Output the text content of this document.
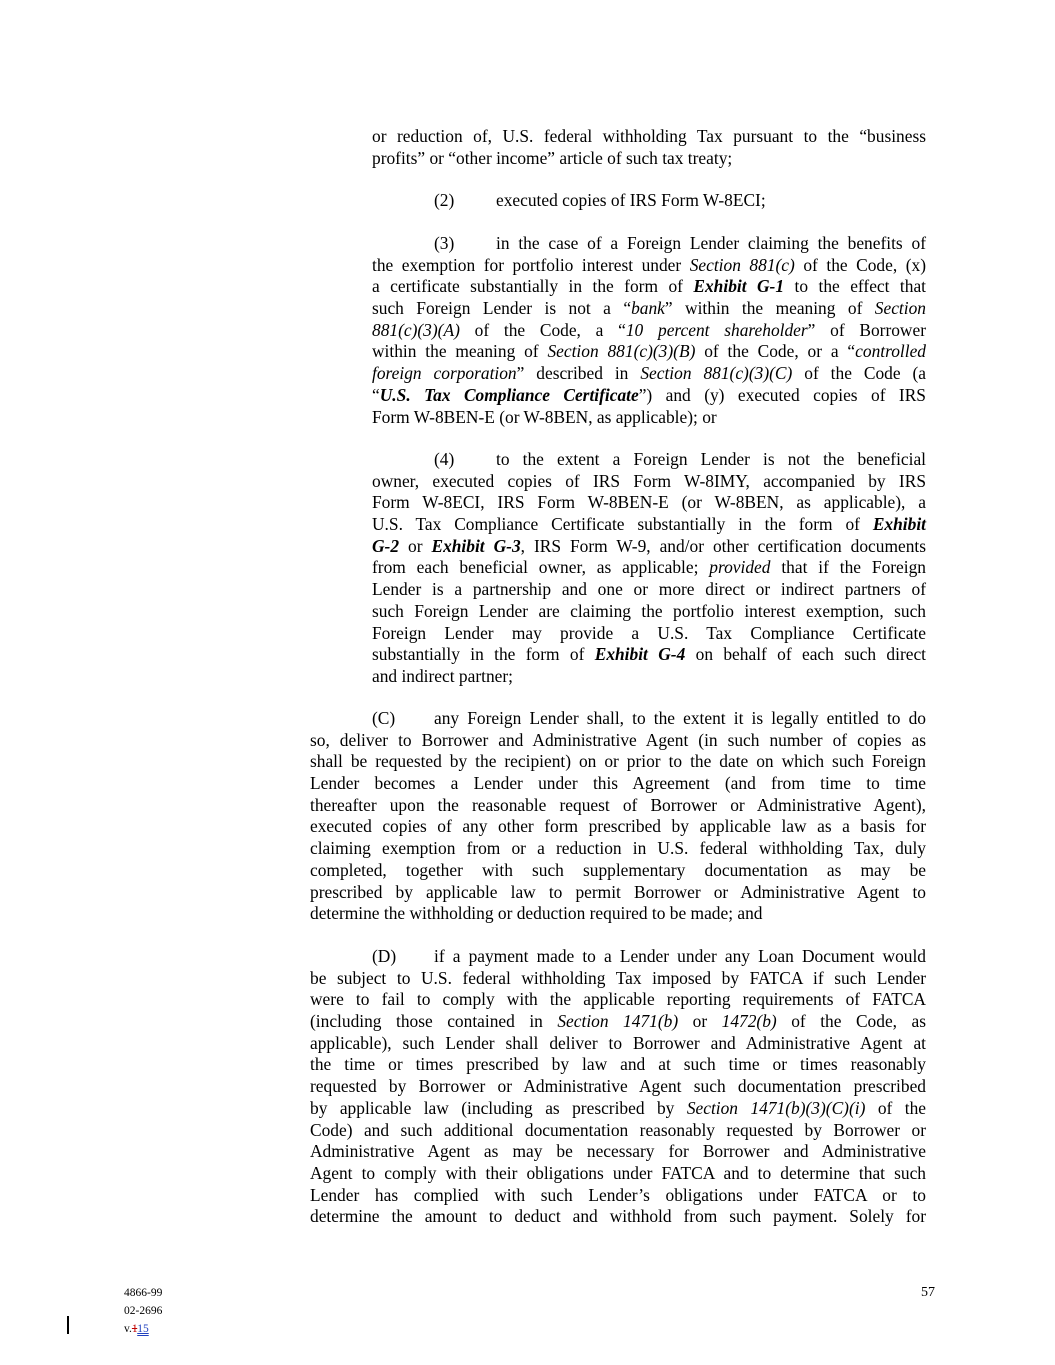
or reduction of, U.S. federal withholding Tax pursuant to the “business
profits” or “other income” article of such tax treaty;
(2) executed copies of IRS Form W-8ECI;
(3) in the case of a Foreign Lender claiming the benefits of
the exemption for portfolio interest under Section 881(c) of the Code, (x)
a certificate substantially in the form of Exhibit G-1 to the effect that
such Foreign Lender is not a “bank” within the meaning of Section
881(c)(3)(A) of the Code, a “10 percent shareholder” of Borrower
within the meaning of Section 881(c)(3)(B) of the Code, or a “controlled
foreign corporation” described in Section 881(c)(3)(C) of the Code (a
“U.S. Tax Compliance Certificate”) and (y) executed copies of IRS
Form W-8BEN-E (or W-8BEN, as applicable); or
(4) to the extent a Foreign Lender is not the beneficial
owner, executed copies of IRS Form W-8IMY, accompanied by IRS
Form W-8ECI, IRS Form W-8BEN-E (or W-8BEN, as applicable), a
U.S. Tax Compliance Certificate substantially in the form of Exhibit
G-2 or Exhibit G-3, IRS Form W-9, and/or other certification documents
from each beneficial owner, as applicable; provided that if the Foreign
Lender is a partnership and one or more direct or indirect partners of
such Foreign Lender are claiming the portfolio interest exemption, such
Foreign Lender may provide a U.S. Tax Compliance Certificate
substantially in the form of Exhibit G-4 on behalf of each such direct
and indirect partner;
(C) any Foreign Lender shall, to the extent it is legally entitled to do
so, deliver to Borrower and Administrative Agent (in such number of copies as
shall be requested by the recipient) on or prior to the date on which such Foreign
Lender becomes a Lender under this Agreement (and from time to time
thereafter upon the reasonable request of Borrower or Administrative Agent),
executed copies of any other form prescribed by applicable law as a basis for
claiming exemption from or a reduction in U.S. federal withholding Tax, duly
completed, together with such supplementary documentation as may be
prescribed by applicable law to permit Borrower or Administrative Agent to
determine the withholding or deduction required to be made; and
(D) if a payment made to a Lender under any Loan Document would
be subject to U.S. federal withholding Tax imposed by FATCA if such Lender
were to fail to comply with the applicable reporting requirements of FATCA
(including those contained in Section 1471(b) or 1472(b) of the Code, as
applicable), such Lender shall deliver to Borrower and Administrative Agent at
the time or times prescribed by law and at such time or times reasonably
requested by Borrower or Administrative Agent such documentation prescribed
by applicable law (including as prescribed by Section 1471(b)(3)(C)(i) of the
Code) and such additional documentation reasonably requested by Borrower or
Administrative Agent as may be necessary for Borrower and Administrative
Agent to comply with their obligations under FATCA and to determine that such
Lender has complied with such Lender’s obligations under FATCA or to
determine the amount to deduct and withhold from such payment. Solely for
4866-99
02-2696
v.115
57
